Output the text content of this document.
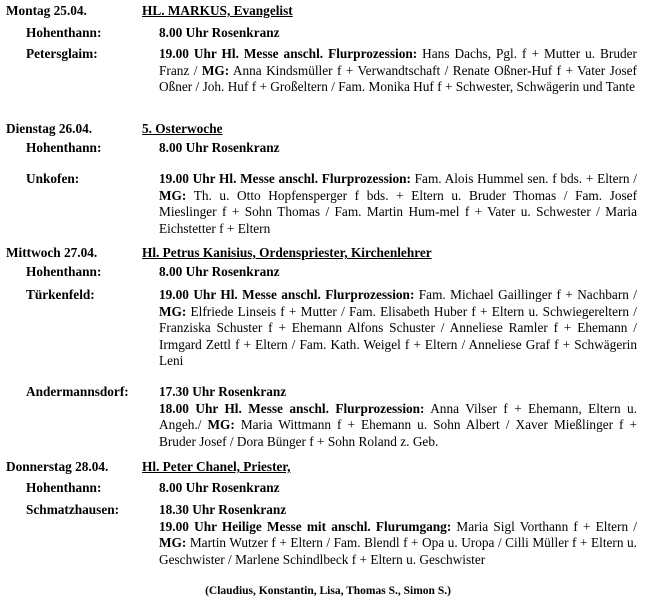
Montag 25.04.	HL. MARKUS, Evangelist
Hohenthann:	8.00 Uhr Rosenkranz
Petersglaim:	19.00 Uhr Hl. Messe anschl. Flurprozession: Hans Dachs, Pgl. f + Mutter u. Bruder Franz / MG: Anna Kindsmüller f + Verwandtschaft / Renate Oßner-Huf f + Vater Josef Oßner / Joh. Huf f + Großeltern / Fam. Monika Huf f + Schwester, Schwägerin und Tante
Dienstag 26.04.	5. Osterwoche
Hohenthann:	8.00 Uhr Rosenkranz
Unkofen:	19.00 Uhr Hl. Messe anschl. Flurprozession: Fam. Alois Hummel sen. f bds. + Eltern / MG: Th. u. Otto Hopfensperger f bds. + Eltern u. Bruder Thomas / Fam. Josef Mieslinger f + Sohn Thomas / Fam. Martin Hum-mel f + Vater u. Schwester / Maria Eichstetter f + Eltern
Mittwoch 27.04.	Hl. Petrus Kanisius, Ordenspriester, Kirchenlehrer
Hohenthann:	8.00 Uhr Rosenkranz
Türkenfeld:	19.00 Uhr Hl. Messe anschl. Flurprozession: Fam. Michael Gaillinger f + Nachbarn / MG: Elfriede Linseis f + Mutter / Fam. Elisabeth Huber f + Eltern u. Schwiegereltern / Franziska Schuster f + Ehemann Alfons Schuster / Anneliese Ramler f + Ehemann / Irmgard Zettl f + Eltern / Fam. Kath. Weigel f + Eltern / Anneliese Graf f + Schwägerin Leni
Andermannsdorf:	17.30 Uhr Rosenkranz
18.00 Uhr Hl. Messe anschl. Flurprozession: Anna Vilser f + Ehemann, Eltern u. Angeh./ MG: Maria Wittmann f + Ehemann u. Sohn Albert / Xaver Mießlinger f + Bruder Josef / Dora Bünger f + Sohn Roland z. Geb.
Donnerstag 28.04.	Hl. Peter Chanel, Priester,
Hohenthann:	8.00 Uhr Rosenkranz
Schmatzhausen:	18.30 Uhr Rosenkranz
19.00 Uhr Heilige Messe mit anschl. Flurumgang: Maria Sigl Vorthann f + Eltern / MG: Martin Wutzer f + Eltern / Fam. Blendl f + Opa u. Uropa / Cilli Müller f + Eltern u. Geschwister / Marlene Schindlbeck f + Eltern u. Geschwister
(Claudius, Konstantin, Lisa, Thomas S., Simon S.)
